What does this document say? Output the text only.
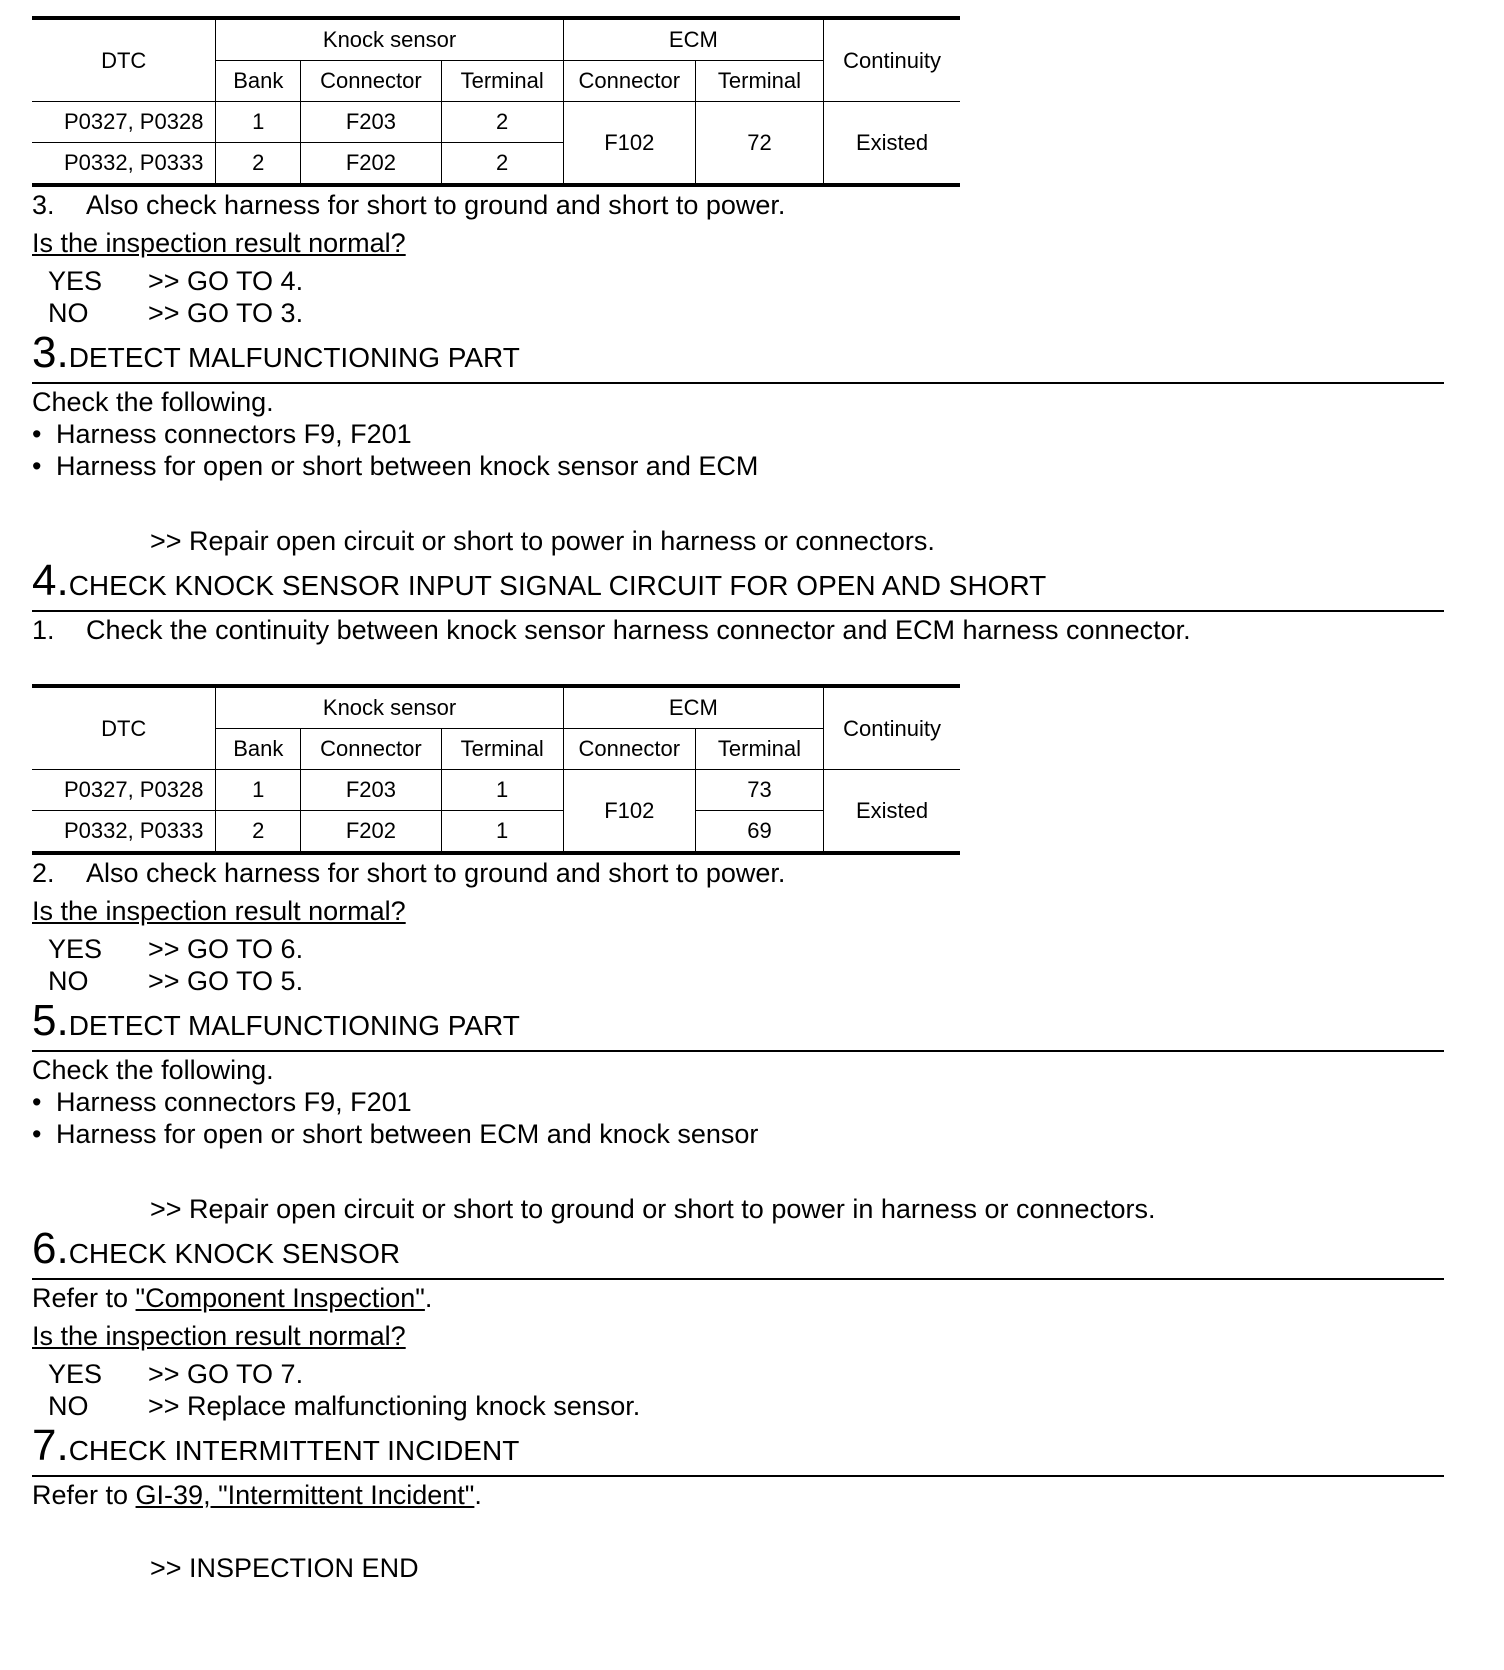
DTC	Knock sensor			ECM		Continuity
	Bank	Connector	Terminal	Connector	Terminal	
P0327, P0328	1	F203	2	F102	72	Existed
P0332, P0333	2	F202	2			
3. Also check harness for short to ground and short to power.
Is the inspection result normal?
YES >> GO TO 4.
NO >> GO TO 3.
3.DETECT MALFUNCTIONING PART
Check the following.
• Harness connectors F9, F201
• Harness for open or short between knock sensor and ECM
>> Repair open circuit or short to power in harness or connectors.
4.CHECK KNOCK SENSOR INPUT SIGNAL CIRCUIT FOR OPEN AND SHORT
1. Check the continuity between knock sensor harness connector and ECM harness connector.
DTC	Knock sensor			ECM		Continuity
	Bank	Connector	Terminal	Connector	Terminal	
P0327, P0328	1	F203	1	F102	73	Existed
P0332, P0333	2	F202	1		69	
2. Also check harness for short to ground and short to power.
Is the inspection result normal?
YES >> GO TO 6.
NO >> GO TO 5.
5.DETECT MALFUNCTIONING PART
Check the following.
• Harness connectors F9, F201
• Harness for open or short between ECM and knock sensor
>> Repair open circuit or short to ground or short to power in harness or connectors.
6.CHECK KNOCK SENSOR
Refer to "Component Inspection".
Is the inspection result normal?
YES >> GO TO 7.
NO >> Replace malfunctioning knock sensor.
7.CHECK INTERMITTENT INCIDENT
Refer to GI-39, "Intermittent Incident".
>> INSPECTION END
